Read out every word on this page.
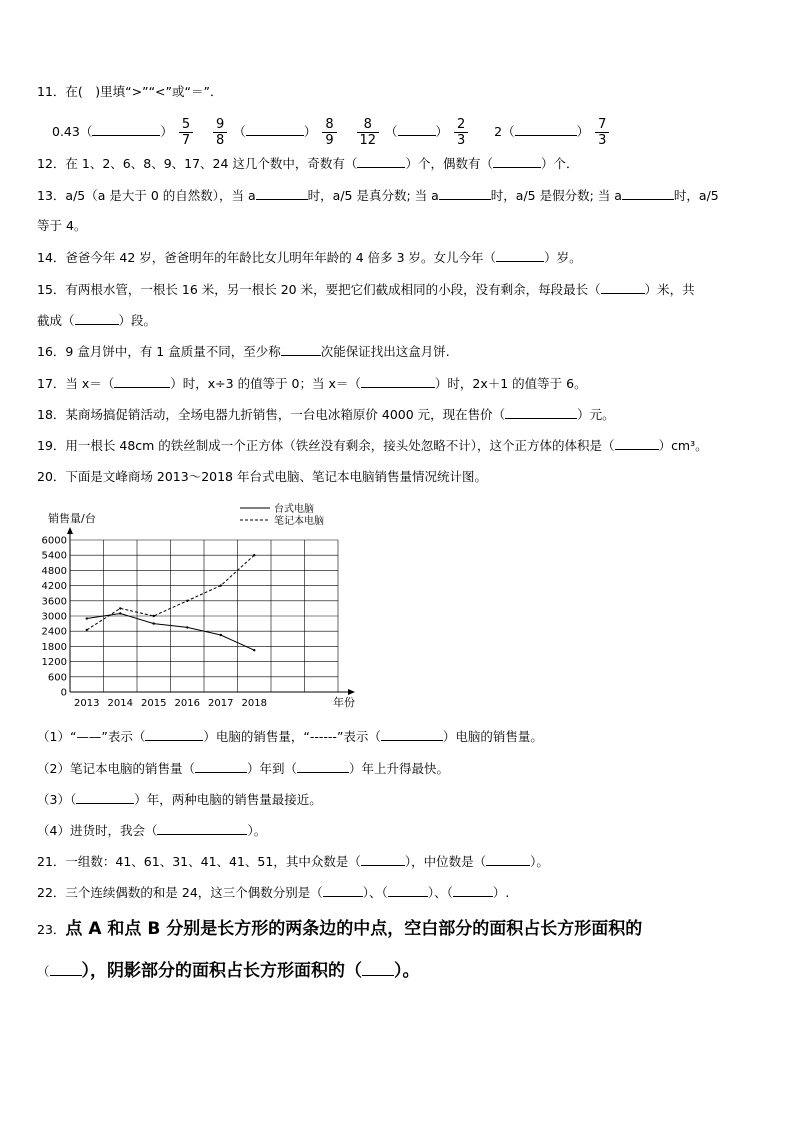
11．在(　)里填“>”“<”或“＝”．
0.43（	） $\frac{5}{7}$
$\frac{9}{8}$ （	） $\frac{8}{9}$
$\frac{8}{12}$ （	） $\frac{2}{3} 2$（	） $\frac{7}{3}$
12．在 1、2、6、8、9、17、24 这几个数中，奇数有（	）个，偶数有（	）个．
13．a/5（a 是大于 0 的自然数），当 a	时，a/5 是真分数; 当 a	时，a/5 是假分数; 当 a	时，a/5
等于 4。
14．爸爸今年 42 岁，爸爸明年的年龄比女儿明年年龄的 4 倍多 3 岁。女儿今年（	）岁。
15．有两根水管，一根长 16 米，另一根长 20 米，要把它们截成相同的小段，没有剩余，每段最长（	）米，共
截成（	）段。
16．9 盒月饼中，有 1 盒质量不同，至少称	次能保证找出这盒月饼.
17．当 x＝（	）时，x÷3 的值等于 0；当 x＝（	）时，2x＋1 的值等于 6。
18．某商场搞促销活动，全场电器九折销售，一台电冰箱原价 4000 元，现在售价（	）元。
19．用一根长 48cm 的铁丝制成一个正方体（铁丝没有剩余，接头处忽略不计），这个正方体的体积是（	）cm³。
20．下面是文峰商场 2013～2018 年台式电脑、笔记本电脑销售量情况统计图。
0
600
1200
1800
2400
3000
3600
4200
4800
5400
6000
2013 2014 2015 2016 2017 2018
台式电脑
笔记本电脑
销售量/台
年份
（1）“——”表示（	）电脑的销售量，“------”表示（	）电脑的销售量。
（2）笔记本电脑的销售量（	）年到（	）年上升得最快。
（3）（	）年，两种电脑的销售量最接近。
（4）进货时，我会（	）。
21．一组数：41、61、31、41、41、51，其中众数是（	），中位数是（	）。
22．三个连续偶数的和是 24，这三个偶数分别是（	）、（	）、（	）.
23．点 A 和点 B 分别是长方形的两条边的中点，空白部分的面积占长方形面积的
（ ），阴影部分的面积占长方形面积的（ ）。
